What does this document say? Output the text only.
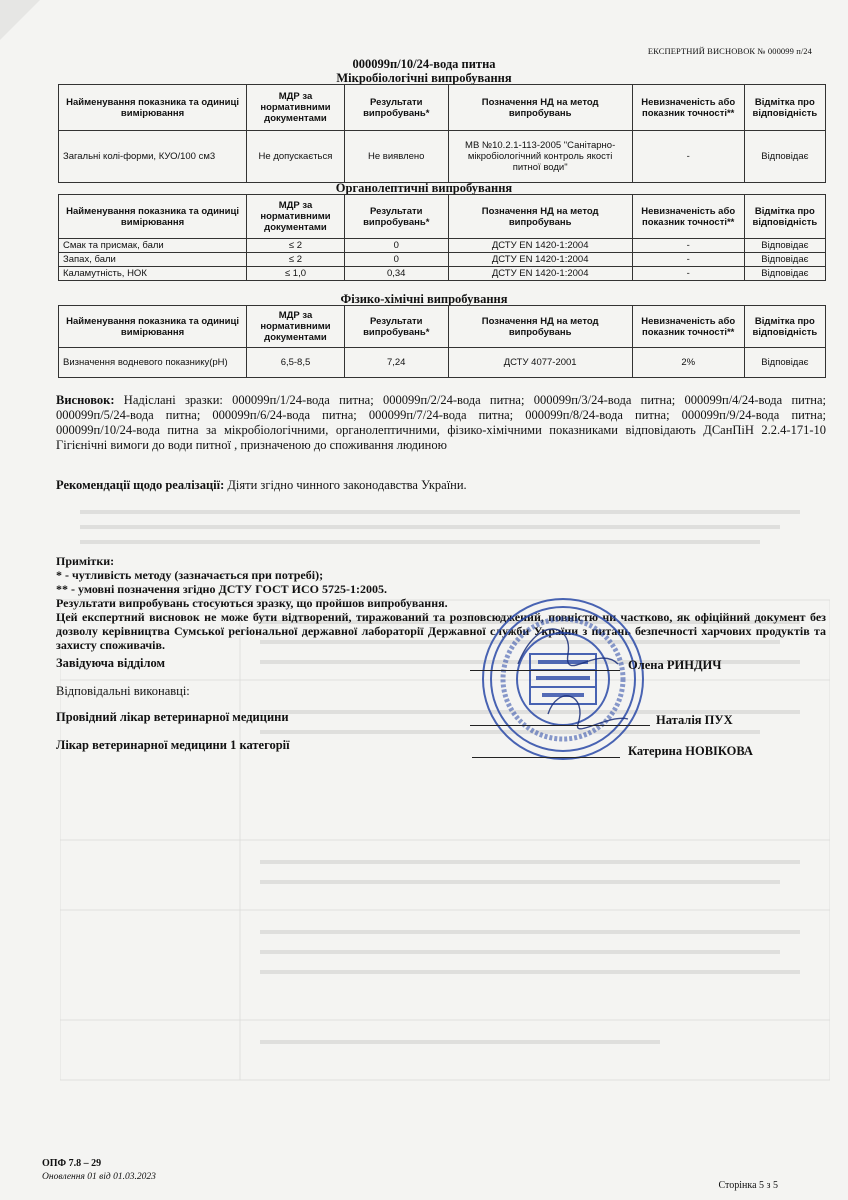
ЕКСПЕРТНИЙ ВИСНОВОК № 000099 п/24
000099п/10/24-вода питна
Мікробіологічні випробування
Найменування показника та одиниці вимірювання	МДР за нормативними документами	Результати випробувань*	Позначення НД на метод випробувань	Невизначеність або показник точності**	Відмітка про відповідність
Загальні колі-форми, КУО/100 см3	Не допускається	Не виявлено	МВ №10.2.1-113-2005 "Санітарно-мікробіологічний контроль якості питної води"	-	Відповідає
Органолептичні випробування
Найменування показника та одиниці вимірювання	МДР за нормативними документами	Результати випробувань*	Позначення НД на метод випробувань	Невизначеність або показник точності**	Відмітка про відповідність
Смак та присмак, бали	≤ 2	0	ДСТУ EN 1420-1:2004	-	Відповідає
Запах, бали	≤ 2	0	ДСТУ EN 1420-1:2004	-	Відповідає
Каламутність, НОК	≤ 1,0	0,34	ДСТУ EN 1420-1:2004	-	Відповідає
Фізико-хімічні випробування
Найменування показника та одиниці вимірювання	МДР за нормативними документами	Результати випробувань*	Позначення НД на метод випробувань	Невизначеність або показник точності**	Відмітка про відповідність
Визначення водневого показнику(pH)	6,5-8,5	7,24	ДСТУ 4077-2001	2%	Відповідає
Висновок: Надіслані зразки: 000099п/1/24-вода питна; 000099п/2/24-вода питна; 000099п/3/24-вода питна; 000099п/4/24-вода питна; 000099п/5/24-вода питна; 000099п/6/24-вода питна; 000099п/7/24-вода питна; 000099п/8/24-вода питна; 000099п/9/24-вода питна; 000099п/10/24-вода питна за мікробіологічними, органолептичними, фізико-хімічними показниками відповідають ДСанПіН 2.2.4-171-10 Гігієнічні вимоги до води питної , призначеною до споживання людиною
Рекомендації щодо реалізації: Діяти згідно чинного законодавства України.
Примітки:
* - чутливість методу (зазначається при потребі);
** - умовні позначення згідно ДСТУ ГОСТ ИСО 5725-1:2005.
Результати випробувань стосуються зразку, що пройшов випробування.
Цей експертний висновок не може бути відтворений, тиражований та розповсюджений, повністю чи частково, як офіційний документ без дозволу керівництва Сумської регіональної державної лабораторії Державної служби України з питань безпечності харчових продуктів та захисту споживачів.
Завідуюча відділом	Олена РИНДИЧ
Відповідальні виконавці:
Провідний лікар ветеринарної медицини	Наталія ПУХ
Лікар ветеринарної медицини 1 категорії	Катерина НОВІКОВА
ОПФ 7.8 – 29
Оновлення 01 від 01.03.2023
Сторінка 5 з 5
